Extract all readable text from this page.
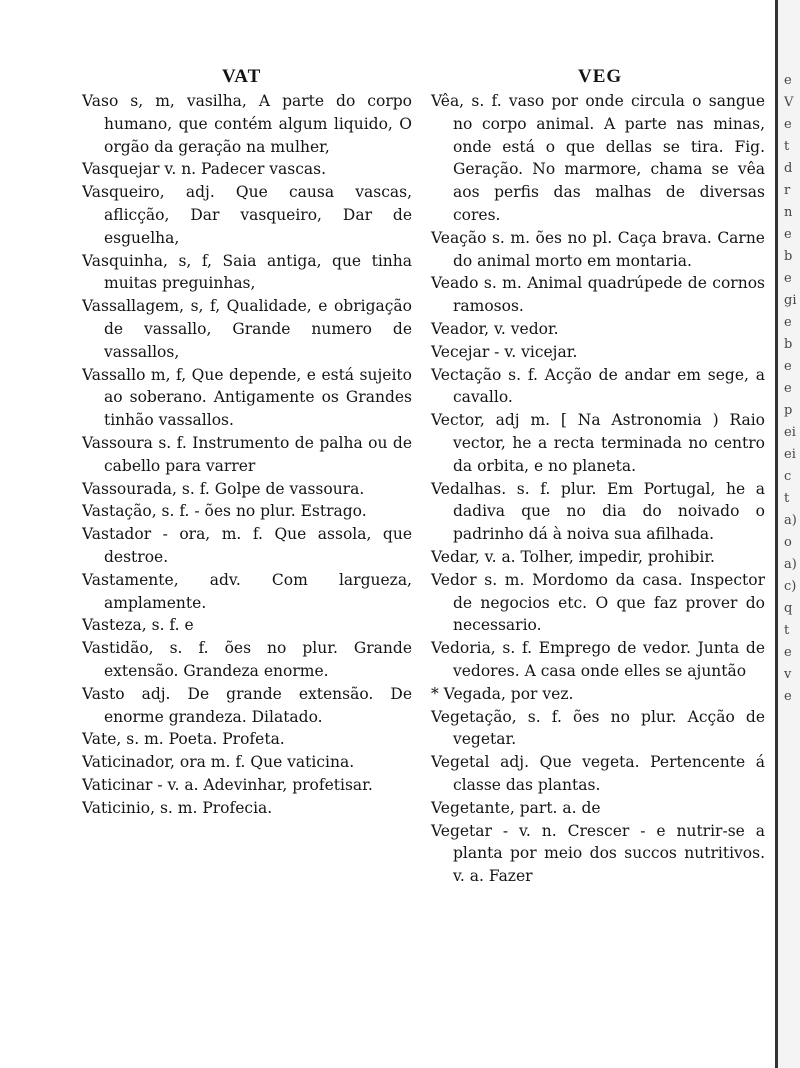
VAT	VEG

Vaso s, m, vasilha, A parte do corpo humano, que contém algum liquido, O orgão da geração na mulher,

Vasquejar v. n. Padecer vascas.

Vasqueiro, adj. Que causa vascas, aflicção, Dar vasqueiro, Dar de esguelha,

Vasquinha, s, f, Saia antiga, que tinha muitas preguinhas,

Vassallagem, s, f, Qualidade, e obrigação de vassallo, Grande numero de vassallos,

Vassallo m, f, Que depende, e está sujeito ao soberano. Antigamente os Grandes tinhão vassallos.

Vassoura s. f. Instrumento de palha ou de cabello para varrer

Vassourada, s. f. Golpe de vassoura.

Vastação, s. f. - ões no plur. Estrago.

Vastador - ora, m. f. Que assola, que destroe.

Vastamente, adv. Com largueza, amplamente.

Vasteza, s. f. e

Vastidão, s. f. ões no plur. Grande extensão. Grandeza enorme.

Vasto adj. De grande extensão. De enorme grandeza. Dilatado.

Vate, s. m. Poeta. Profeta.

Vaticinador, ora m. f. Que vaticina.

Vaticinar - v. a. Adevinhar, profetisar.

Vaticinio, s. m. Profecia.

Vêa, s. f. vaso por onde circula o sangue no corpo animal. A parte nas minas, onde está o que dellas se tira. Fig. Geração. No marmore, chama se vêa aos perfis das malhas de diversas cores.

Veação s. m. ões no pl. Caça brava. Carne do animal morto em montaria.

Veado s. m. Animal quadrúpede de cornos ramosos.

Veador, v. vedor.

Vecejar - v. vicejar.

Vectação s. f. Acção de andar em sege, a cavallo.

Vector, adj m. [ Na Astronomia ) Raio vector, he a recta terminada no centro da orbita, e no planeta.

Vedalhas. s. f. plur. Em Portugal, he a dadiva que no dia do noivado o padrinho dá à noiva sua afilhada.

Vedar, v. a. Tolher, impedir, prohibir.

Vedor s. m. Mordomo da casa. Inspector de negocios etc. O que faz prover do necessario.

Vedoria, s. f. Emprego de vedor. Junta de vedores. A casa onde elles se ajuntão

* Vegada, por vez.

Vegetação, s. f. ões no plur. Acção de vegetar.

Vegetal adj. Que vegeta. Pertencente á classe das plantas.

Vegetante, part. a. de

Vegetar - v. n. Crescer - e nutrir-se a planta por meio dos succos nutritivos. v. a. Fazer

e Ve t d r n ebe gi eb e e p ei ei c t a) o a) c) q t e v e
